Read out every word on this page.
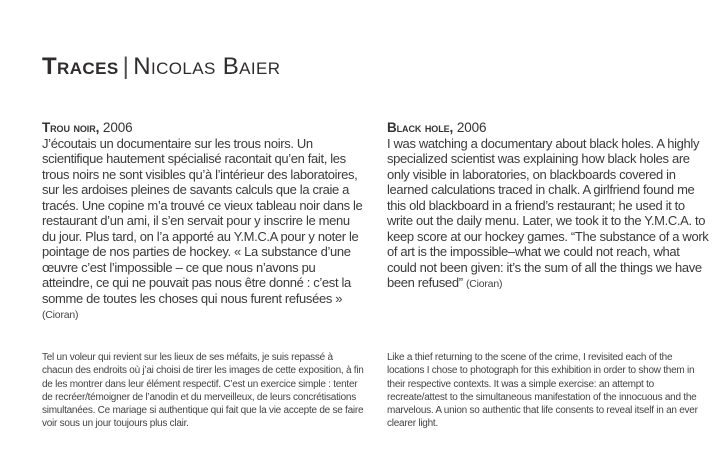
Traces | Nicolas Baier

Trou noir, 2006

J’écoutais un documentaire sur les trous noirs. Un scientifique hautement spécialisé racontait qu’en fait, les trous noirs ne sont visibles qu’à l’intérieur des laboratoires, sur les ardoises pleines de savants calculs que la craie a tracés. Une copine m’a trouvé ce vieux tableau noir dans le restaurant d’un ami, il s’en servait pour y inscrire le menu du jour. Plus tard, on l’a apporté au Y.M.C.A pour y noter le pointage de nos parties de hockey. « La substance d’une œuvre c’est l’impossible – ce que nous n’avons pu atteindre, ce qui ne pouvait pas nous être donné : c’est la somme de toutes les choses qui nous furent refusées » (Cioran)

Black hole, 2006

I was watching a documentary about black holes. A highly specialized scientist was explaining how black holes are only visible in laboratories, on blackboards covered in learned calculations traced in chalk. A girlfriend found me this old blackboard in a friend’s restaurant; he used it to write out the daily menu. Later, we took it to the Y.M.C.A. to keep score at our hockey games. “The substance of a work of art is the impossible–what we could not reach, what could not been given: it’s the sum of all the things we have been refused” (Cioran)

Tel un voleur qui revient sur les lieux de ses méfaits, je suis repassé à chacun des endroits où j’ai choisi de tirer les images de cette exposition, à fin de les montrer dans leur élément respectif. C’est un exercice simple : tenter de recréer/témoigner de l’anodin et du merveilleux, de leurs concrétisations simultanées. Ce mariage si authentique qui fait que la vie accepte de se faire voir sous un jour toujours plus clair.

Like a thief returning to the scene of the crime, I revisited each of the locations I chose to photograph for this exhibition in order to show them in their respective contexts. It was a simple exercise: an attempt to recreate/attest to the simultaneous manifestation of the innocuous and the marvelous. A union so authentic that life consents to reveal itself in an ever clearer light.
